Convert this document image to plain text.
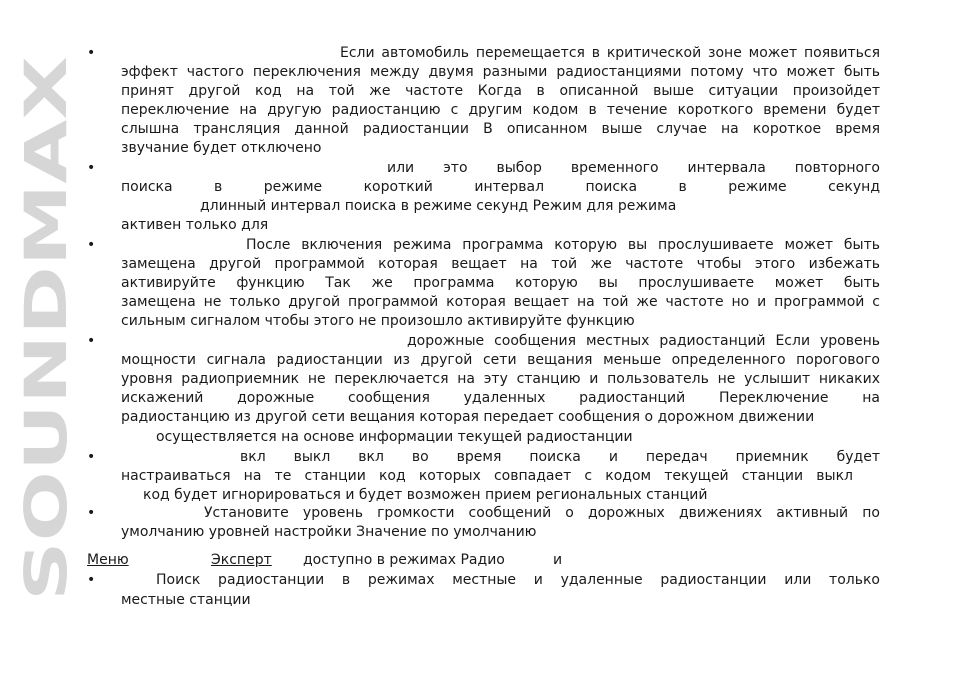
SOUNDMAX
•	Если автомобиль перемещается в критической зоне может появиться
эффект частого переключения между двумя разными радиостанциями потому что может быть
принят другой код на той же частоте Когда в описанной выше ситуации произойдет
переключение на другую радиостанцию с другим кодом в течение короткого времени будет
слышна трансляция данной радиостанции В описанном выше случае на короткое время
звучание будет отключено
•	или это выбор временного интервала повторного
поиска в режиме короткий интервал поиска в режиме секунд
длинный интервал поиска в режиме секунд Режим для режима
активен только для
•	После включения режима программа которую вы прослушиваете может быть
замещена другой программой которая вещает на той же частоте чтобы этого избежать
активируйте функцию Так же программа которую вы прослушиваете может быть
замещена не только другой программой которая вещает на той же частоте но и программой с
сильным сигналом чтобы этого не произошло активируйте функцию
•	дорожные сообщения местных радиостанций Если уровень
мощности сигнала радиостанции из другой сети вещания меньше определенного порогового
уровня радиоприемник не переключается на эту станцию и пользователь не услышит никаких
искажений дорожные сообщения удаленных радиостанций Переключение на
радиостанцию из другой сети вещания которая передает сообщения о дорожном движении
осуществляется на основе информации текущей радиостанции
•	вкл выкл вкл во время поиска и передач приемник будет
настраиваться на те станции код которых совпадает с кодом текущей станции выкл
код будет игнорироваться и будет возможен прием региональных станций
•	Установите уровень громкости сообщений о дорожных движениях активный по
умолчанию уровней настройки Значение по умолчанию
Меню	Эксперт	доступно в режимах Радио	и
•	Поиск радиостанции в режимах местные и удаленные радиостанции или только
местные станции
